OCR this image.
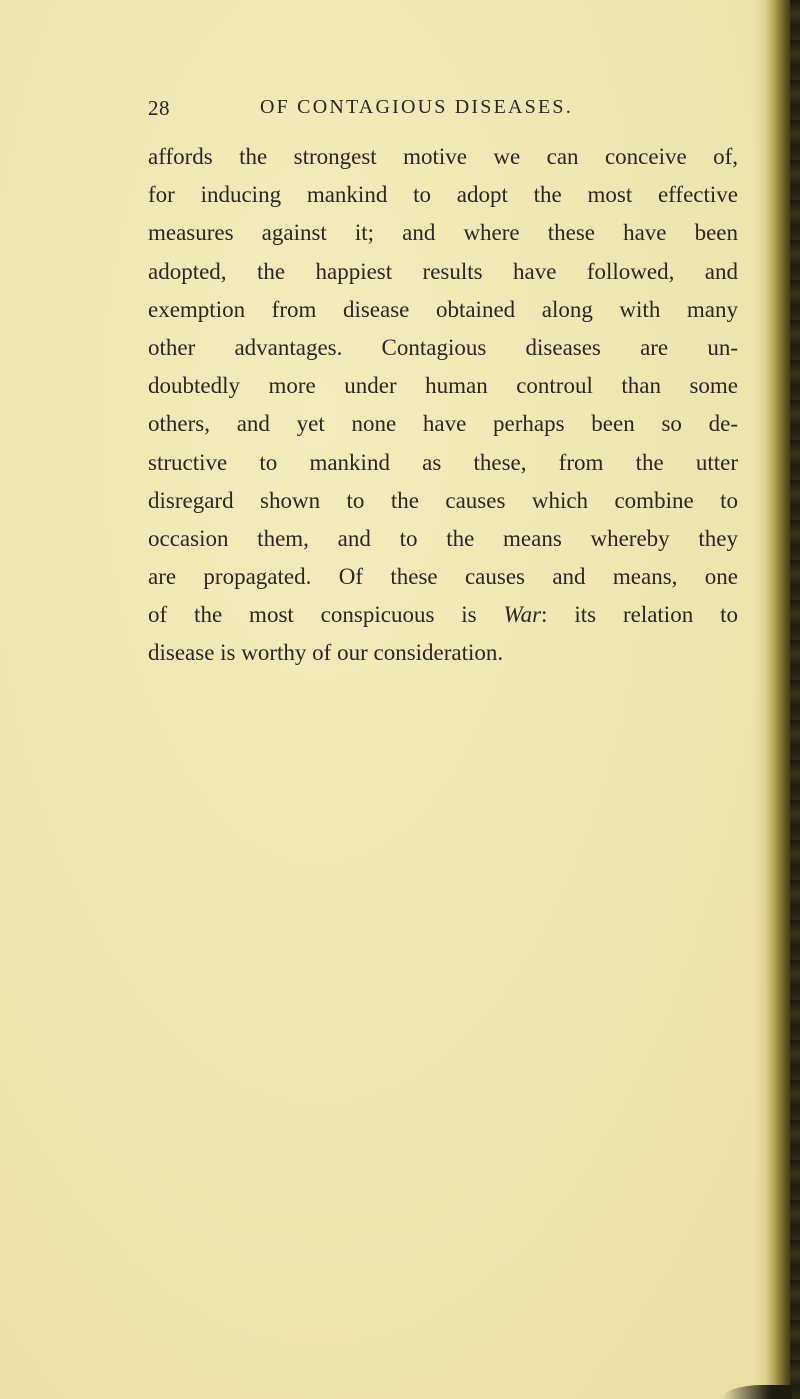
28	OF CONTAGIOUS DISEASES.
affords the strongest motive we can conceive of,
for inducing mankind to adopt the most effective
measures against it; and where these have been
adopted, the happiest results have followed, and
exemption from disease obtained along with many
other advantages. Contagious diseases are un-
doubtedly more under human controul than some
others, and yet none have perhaps been so de-
structive to mankind as these, from the utter
disregard shown to the causes which combine to
occasion them, and to the means whereby they
are propagated. Of these causes and means, one
of the most conspicuous is War: its relation to
disease is worthy of our consideration.
